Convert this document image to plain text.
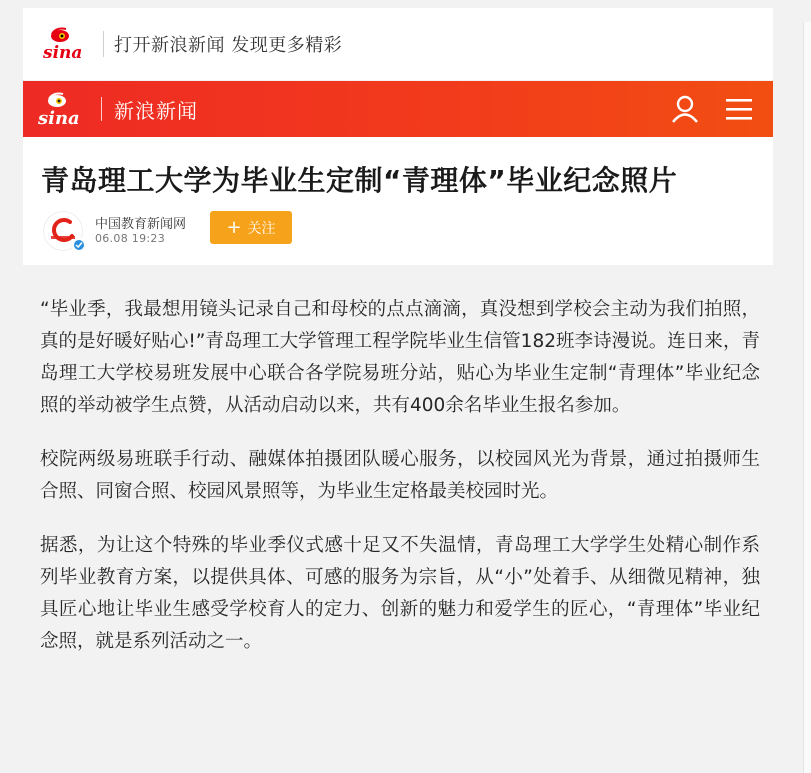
sina 打开新浪新闻 发现更多精彩
sina 新浪新闻
青岛理工大学为毕业生定制“青理体”毕业纪念照片
中国教育新闻网
06.08 19:23
+ 关注

“毕业季，我最想用镜头记录自己和母校的点点滴滴，真没想到学校会主动为我们拍照，真的是好暖好贴心!”青岛理工大学管理工程学院毕业生信管182班李诗漫说。连日来，青岛理工大学校易班发展中心联合各学院易班分站，贴心为毕业生定制“青理体”毕业纪念照的举动被学生点赞，从活动启动以来，共有400余名毕业生报名参加。

校院两级易班联手行动、融媒体拍摄团队暖心服务，以校园风光为背景，通过拍摄师生合照、同窗合照、校园风景照等，为毕业生定格最美校园时光。

据悉，为让这个特殊的毕业季仪式感十足又不失温情，青岛理工大学学生处精心制作系列毕业教育方案，以提供具体、可感的服务为宗旨，从“小”处着手、从细微见精神，独具匠心地让毕业生感受学校育人的定力、创新的魅力和爱学生的匠心，“青理体”毕业纪念照，就是系列活动之一。
